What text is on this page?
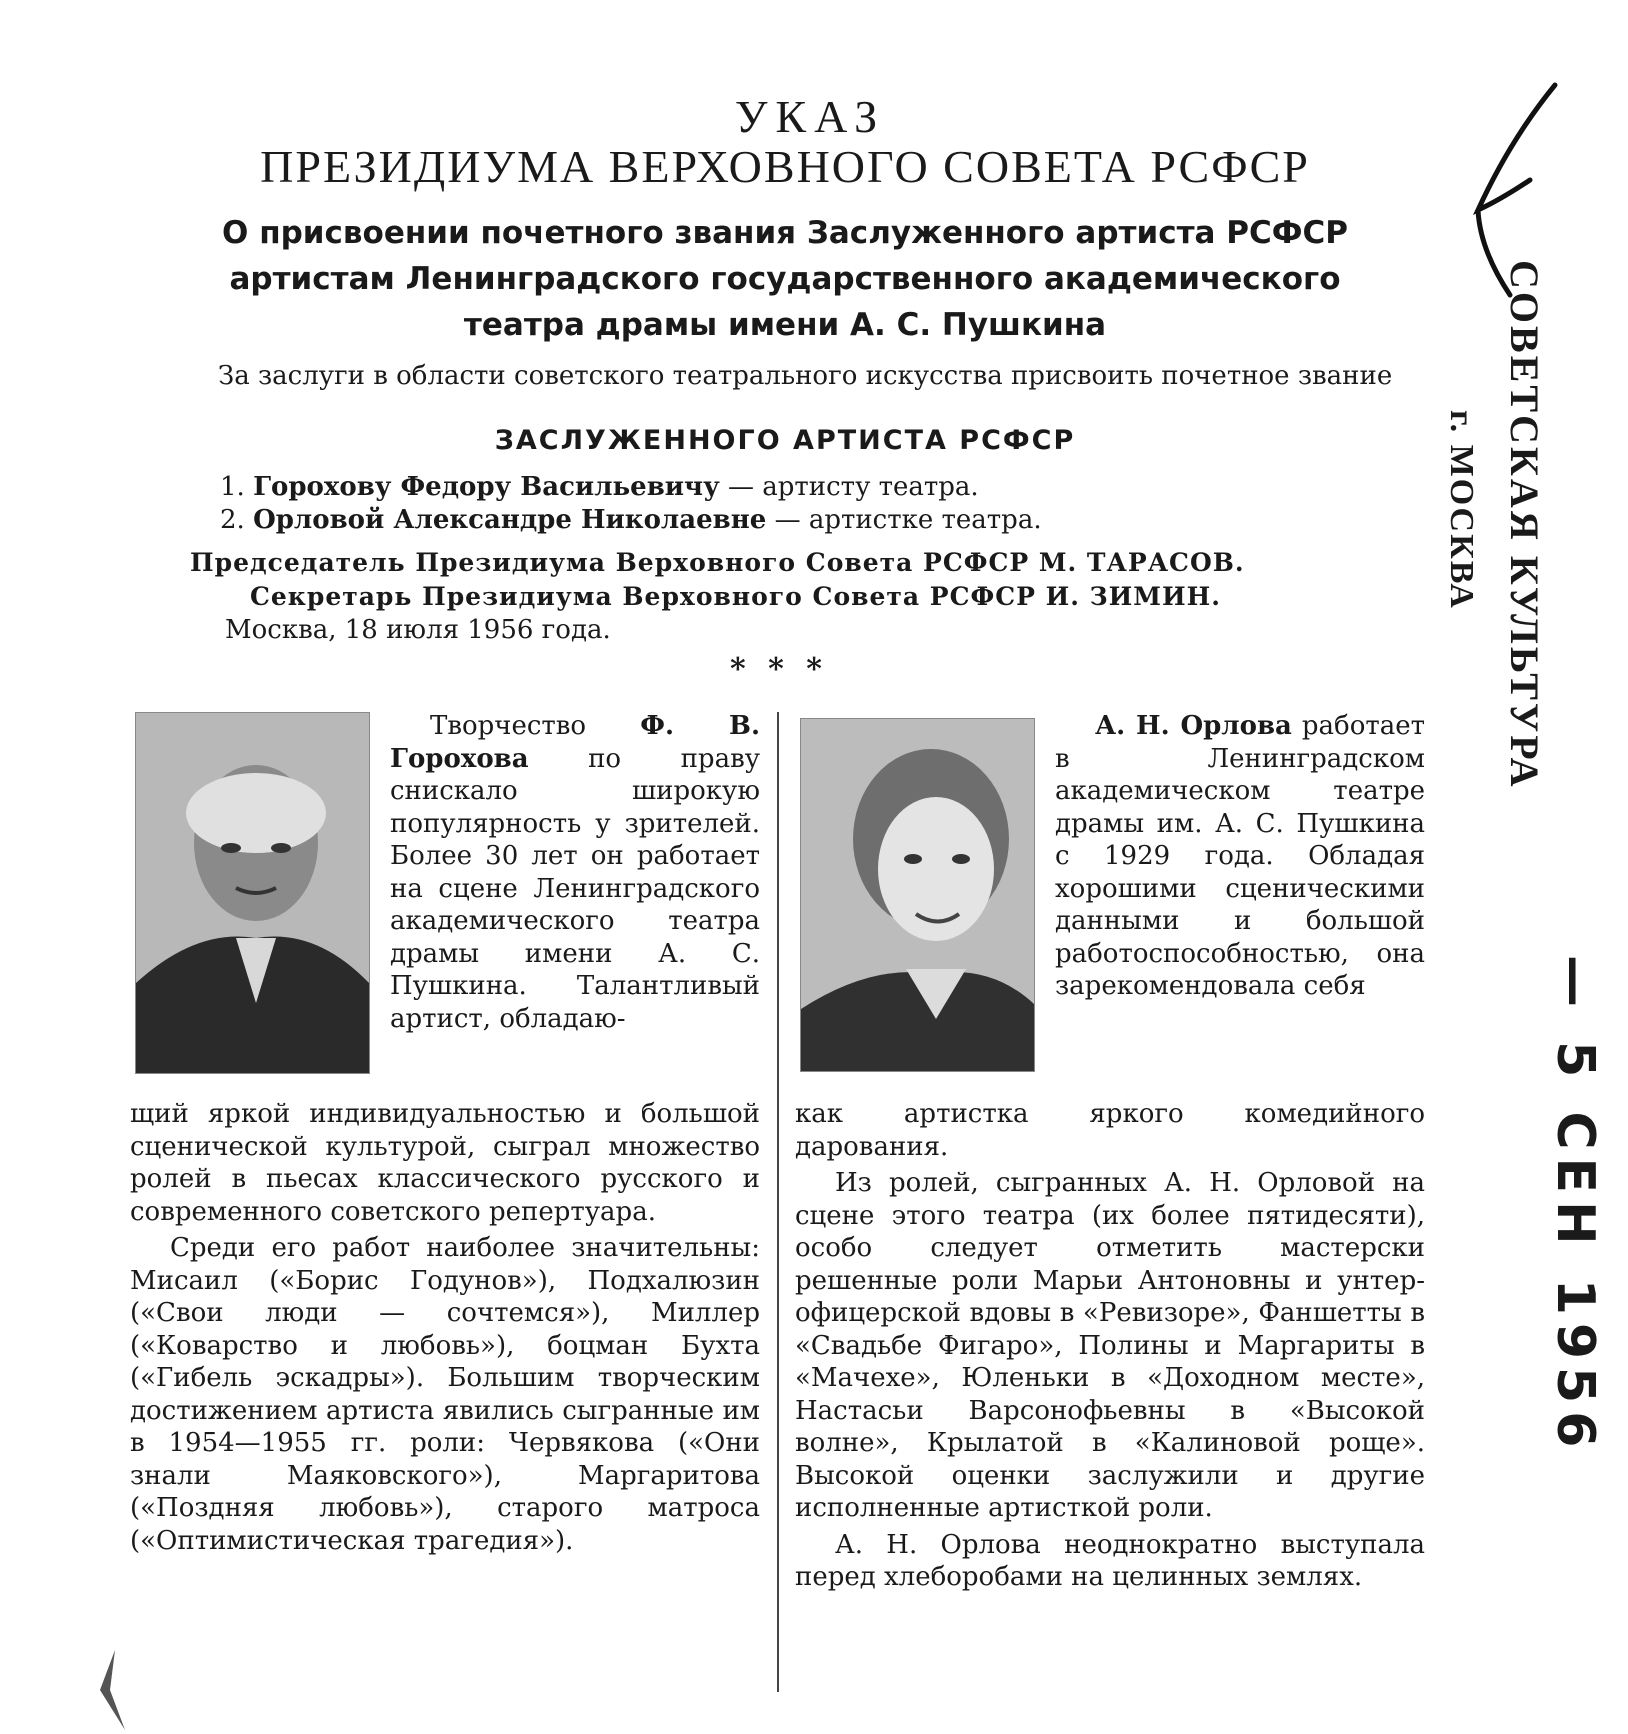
УКАЗ
ПРЕЗИДИУМА ВЕРХОВНОГО СОВЕТА РСФСР
О присвоении почетного звания Заслуженного артиста РСФСР
артистам Ленинградского государственного академического
театра драмы имени А. С. Пушкина
За заслуги в области советского театрального искусства присвоить почетное звание
ЗАСЛУЖЕННОГО АРТИСТА РСФСР
1. Горохову Федору Васильевичу — артисту театра.
2. Орловой Александре Николаевне — артистке театра.
Председатель Президиума Верховного Совета РСФСР М. ТАРАСОВ.
Секретарь Президиума Верховного Совета РСФСР И. ЗИМИН.
Москва, 18 июля 1956 года.
* * *

Творчество Ф. В. Горохова по праву снискало широкую популярность у зрителей. Более 30 лет он работает на сцене Ленинградского академического театра драмы имени А. С. Пушкина. Талантливый артист, обладаю-

щий яркой индивидуальностью и большой сценической культурой, сыграл множество ролей в пьесах классического русского и современного советского репертуара.

Среди его работ наиболее значительны: Мисаил («Борис Годунов»), Подхалюзин («Свои люди — сочтемся»), Миллер («Коварство и любовь»), боцман Бухта («Гибель эскадры»). Большим творческим достижением артиста явились сыгранные им в 1954—1955 гг. роли: Червякова («Они знали Маяковского»), Маргаритова («Поздняя любовь»), старого матроса («Оптимистическая трагедия»).

А. Н. Орлова работает в Ленинградском академическом театре драмы им. А. С. Пушкина с 1929 года. Обладая хорошими сценическими данными и большой работоспособностью, она зарекомендовала себя

как артистка яркого комедийного дарования.

Из ролей, сыгранных А. Н. Орловой на сцене этого театра (их более пятидесяти), особо следует отметить мастерски решенные роли Марьи Антоновны и унтер-офицерской вдовы в «Ревизоре», Фаншетты в «Свадьбе Фигаро», Полины и Маргариты в «Мачехе», Юленьки в «Доходном месте», Настасьи Варсонофьевны в «Высокой волне», Крылатой в «Калиновой роще». Высокой оценки заслужили и другие исполненные артисткой роли.

А. Н. Орлова неоднократно выступала перед хлеборобами на целинных землях.

СОВЕТСКАЯ КУЛЬТУРА
г. МОСКВА
— 5 СЕН 1956
